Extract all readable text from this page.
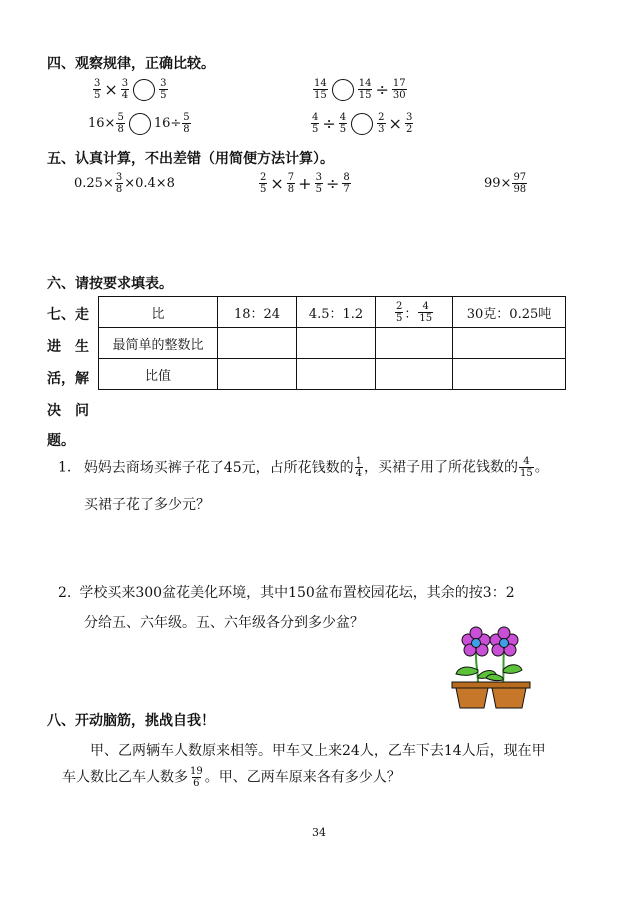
四、观察规律，正确比较。
$\frac{3}{5} \times \frac{3}{4}$	$\frac{3}{5}$	$\frac{14}{15}$	$\frac{14}{15} \div \frac{17}{30}$
$16\times \frac{5}{8} 16\div \frac{5}{8}$	$\frac{4}{5} \div \frac{4}{5}$	$\frac{2}{3} \times \frac{3}{2}$
五、认真计算，不出差错（用简便方法计算）。
$0.25\times \frac{3}{8} \times 0.4\times 8$	$\frac{2}{5} \times \frac{7}{8} + \frac{3}{5} \div \frac{8}{7}$	$99\times \frac{97}{98}$
六、请按要求填表。
比	18：24	4.5：1.2	$\frac{2}{5}$ ： $\frac{4}{15}$	30克：0.25吨
最简单的整数比				
比值				
七、走
进　生
活，解
决　问
题。
1. 妈妈去商场买裤子花了45元，占所花钱数的 $\frac{1}{4}$ ，买裙子用了所花钱数的 $\frac{4}{15}$ 。
买裙子花了多少元？
2. 学校买来300盆花美化环境，其中150盆布置校园花坛，其余的按3：2
分给五、六年级。五、六年级各分到多少盆？
八、开动脑筋，挑战自我！
甲、乙两辆车人数原来相等。甲车又上来24人，乙车下去14人后，现在甲
车人数比乙车人数多 $\frac{19}{6}$ 。甲、乙两车原来各有多少人？
34
